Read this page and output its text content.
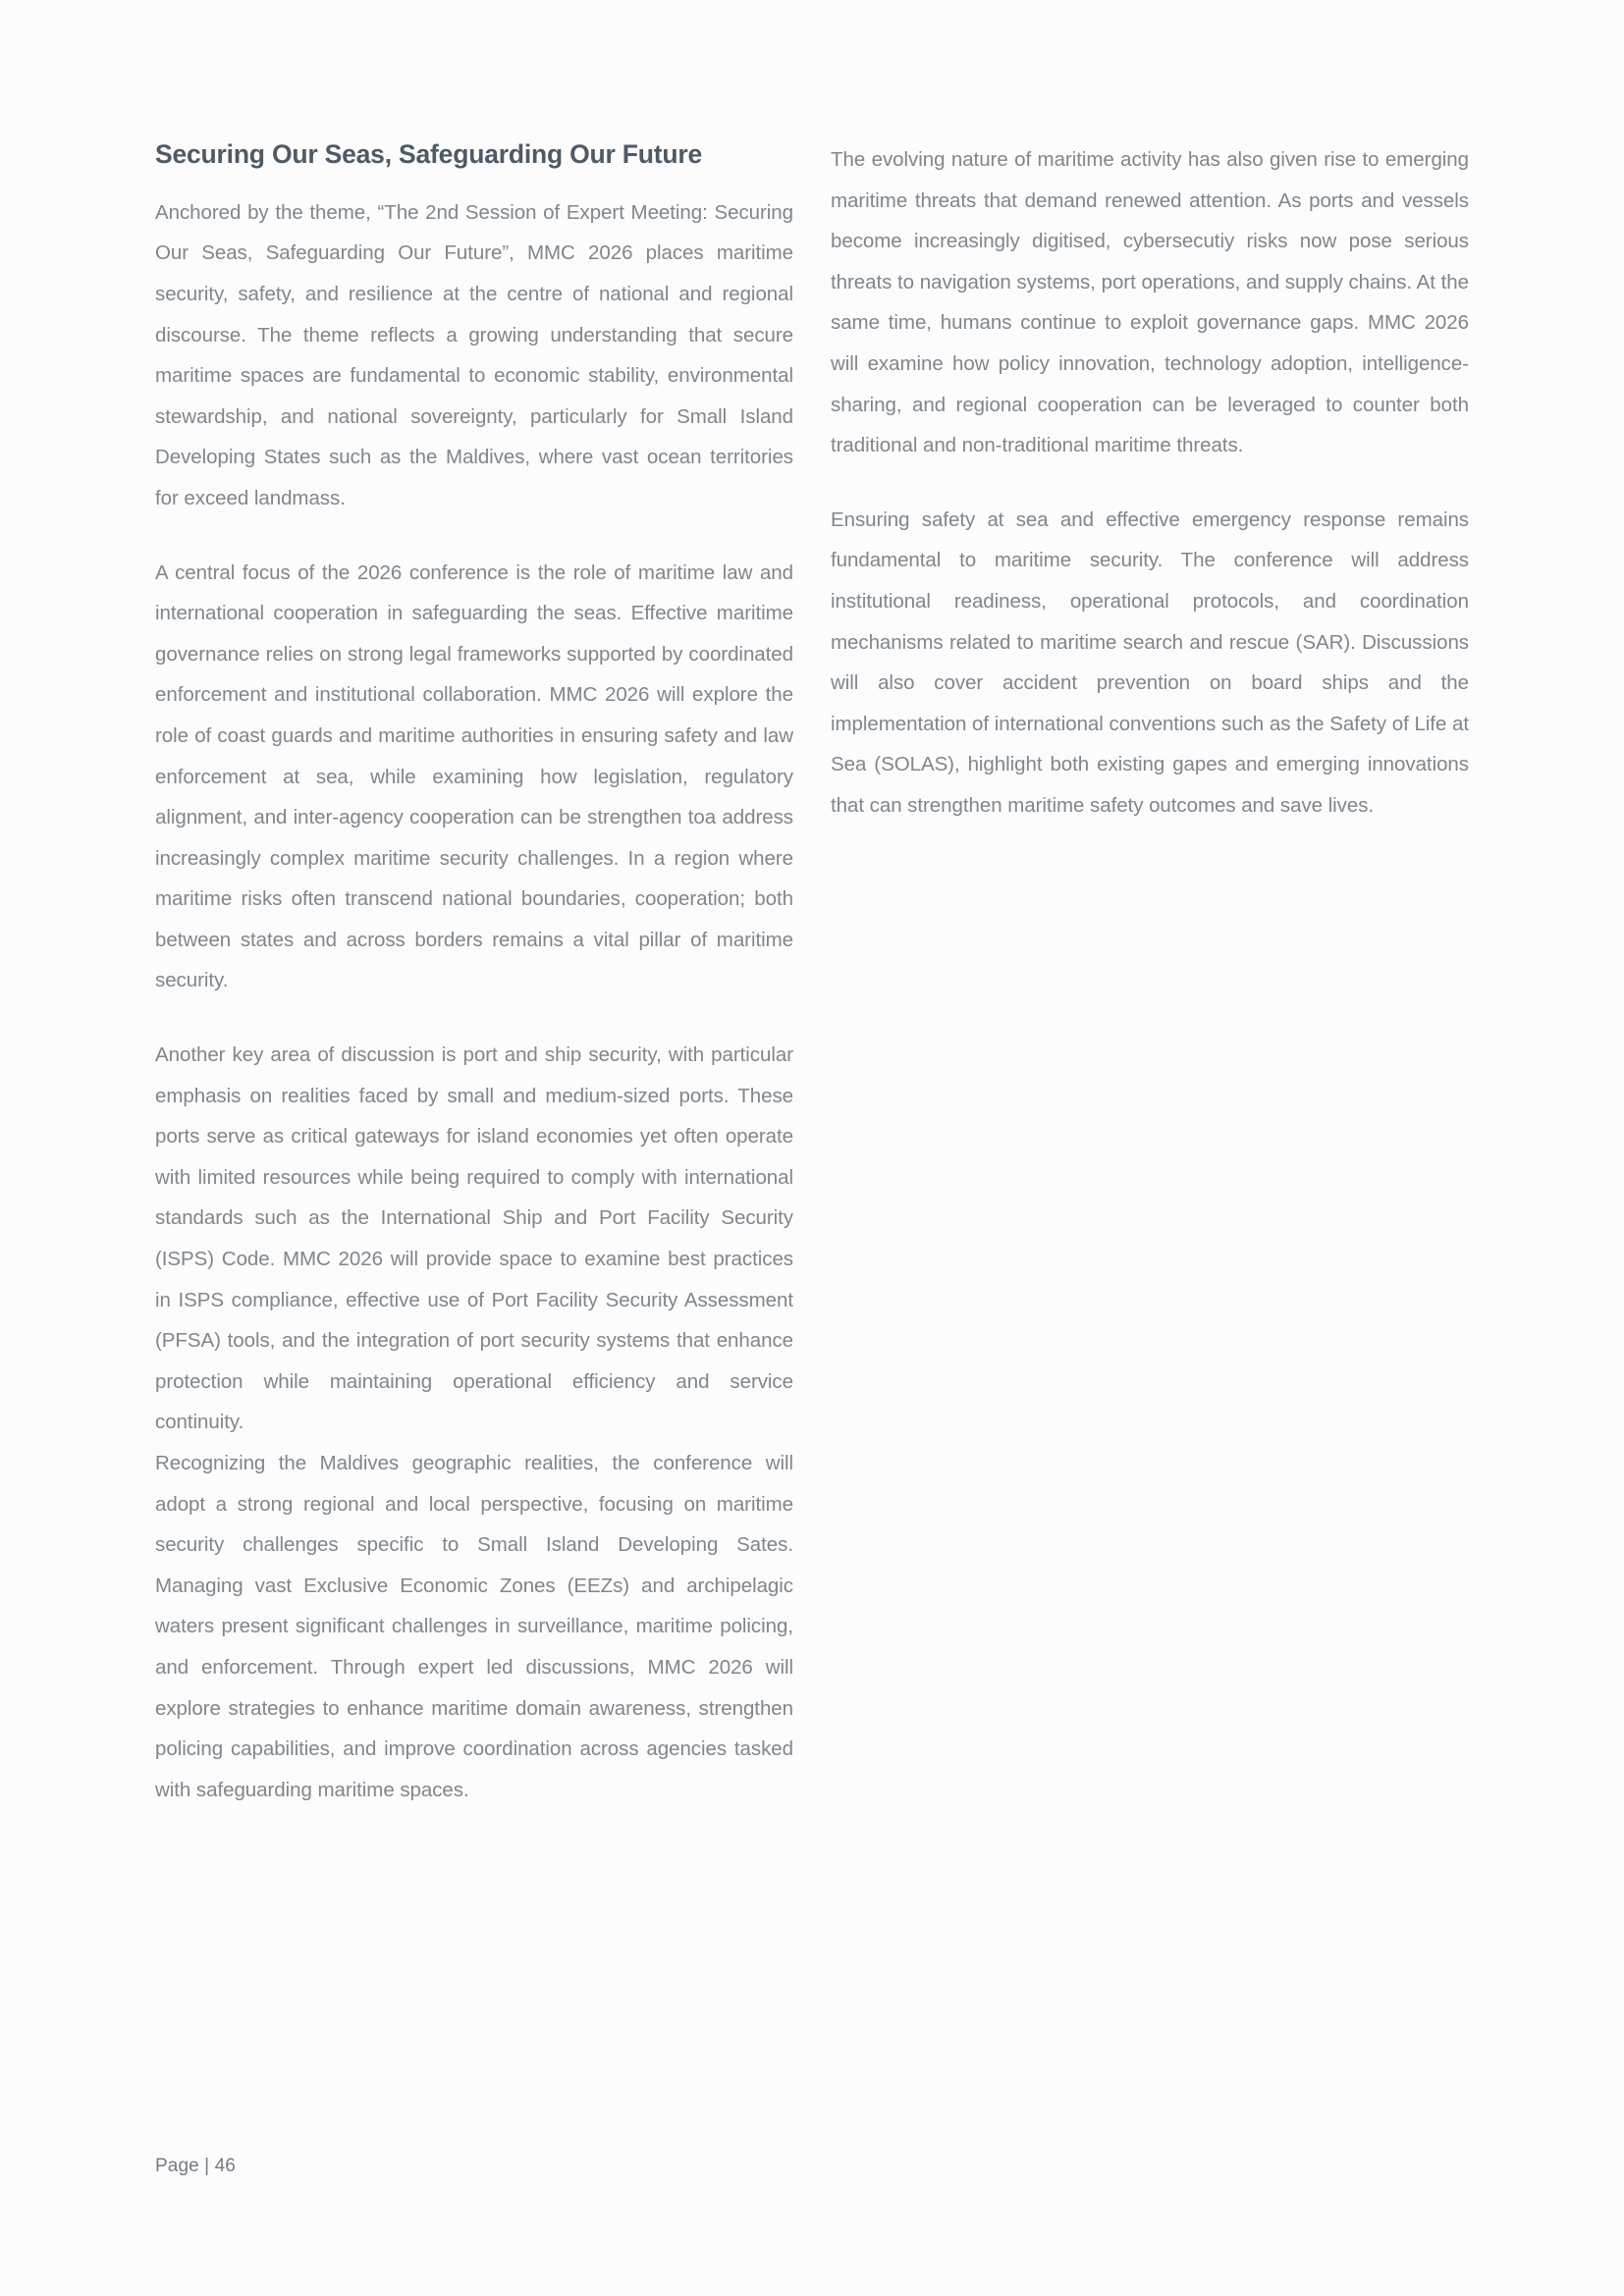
Securing Our Seas, Safeguarding Our Future

Anchored by the theme, “The 2nd Session of Expert Meeting: Securing Our Seas, Safeguarding Our Future”, MMC 2026 places maritime security, safety, and resilience at the centre of national and regional discourse. The theme reflects a growing understanding that secure maritime spaces are fundamental to economic stability, environmental stewardship, and national sovereignty, particularly for Small Island Developing States such as the Maldives, where vast ocean territories for exceed landmass.

A central focus of the 2026 conference is the role of maritime law and international cooperation in safeguarding the seas. Effective maritime governance relies on strong legal frameworks supported by coordinated enforcement and institutional collaboration. MMC 2026 will explore the role of coast guards and maritime authorities in ensuring safety and law enforcement at sea, while examining how legislation, regulatory alignment, and inter-agency cooperation can be strengthen toa address increasingly complex maritime security challenges. In a region where maritime risks often transcend national boundaries, cooperation; both between states and across borders remains a vital pillar of maritime security.

Another key area of discussion is port and ship security, with particular emphasis on realities faced by small and medium-sized ports. These ports serve as critical gateways for island economies yet often operate with limited resources while being required to comply with international standards such as the International Ship and Port Facility Security (ISPS) Code. MMC 2026 will provide space to examine best practices in ISPS compliance, effective use of Port Facility Security Assessment (PFSA) tools, and the integration of port security systems that enhance protection while maintaining operational efficiency and service continuity.

Recognizing the Maldives geographic realities, the conference will adopt a strong regional and local perspective, focusing on maritime security challenges specific to Small Island Developing Sates. Managing vast Exclusive Economic Zones (EEZs) and archipelagic waters present significant challenges in surveillance, maritime policing, and enforcement. Through expert led discussions, MMC 2026 will explore strategies to enhance maritime domain awareness, strengthen policing capabilities, and improve coordination across agencies tasked with safeguarding maritime spaces.

The evolving nature of maritime activity has also given rise to emerging maritime threats that demand renewed attention. As ports and vessels become increasingly digitised, cybersecutiy risks now pose serious threats to navigation systems, port operations, and supply chains. At the same time, humans continue to exploit governance gaps. MMC 2026 will examine how policy innovation, technology adoption, intelligence-sharing, and regional cooperation can be leveraged to counter both traditional and non-traditional maritime threats.

Ensuring safety at sea and effective emergency response remains fundamental to maritime security. The conference will address institutional readiness, operational protocols, and coordination mechanisms related to maritime search and rescue (SAR). Discussions will also cover accident prevention on board ships and the implementation of international conventions such as the Safety of Life at Sea (SOLAS), highlight both existing gapes and emerging innovations that can strengthen maritime safety outcomes and save lives.

Page | 46
